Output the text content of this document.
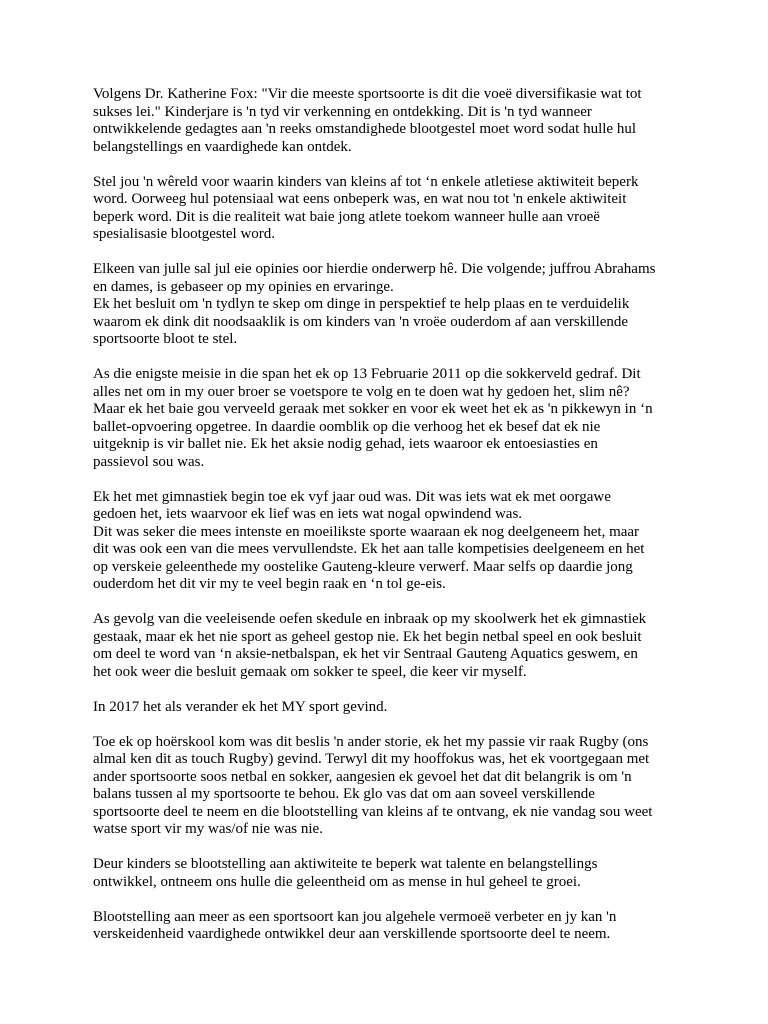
Volgens Dr. Katherine Fox: "Vir die meeste sportsoorte is dit die voeë diversifikasie wat tot
sukses lei." Kinderjare is 'n tyd vir verkenning en ontdekking. Dit is 'n tyd wanneer
ontwikkelende gedagtes aan 'n reeks omstandighede blootgestel moet word sodat hulle hul
belangstellings en vaardighede kan ontdek.

Stel jou 'n wêreld voor waarin kinders van kleins af tot ‘n enkele atletiese aktiwiteit beperk
word. Oorweeg hul potensiaal wat eens onbeperk was, en wat nou tot 'n enkele aktiwiteit
beperk word. Dit is die realiteit wat baie jong atlete toekom wanneer hulle aan vroeë
spesialisasie blootgestel word.

Elkeen van julle sal jul eie opinies oor hierdie onderwerp hê. Die volgende; juffrou Abrahams
en dames, is gebaseer op my opinies en ervaringe.
Ek het besluit om 'n tydlyn te skep om dinge in perspektief te help plaas en te verduidelik
waarom ek dink dit noodsaaklik is om kinders van 'n vroëe ouderdom af aan verskillende
sportsoorte bloot te stel.

As die enigste meisie in die span het ek op 13 Februarie 2011 op die sokkerveld gedraf. Dit
alles net om in my ouer broer se voetspore te volg en te doen wat hy gedoen het, slim nê?
Maar ek het baie gou verveeld geraak met sokker en voor ek weet het ek as 'n pikkewyn in ‘n
ballet-opvoering opgetree. In daardie oomblik op die verhoog het ek besef dat ek nie
uitgeknip is vir ballet nie. Ek het aksie nodig gehad, iets waaroor ek entoesiasties en
passievol sou was.

Ek het met gimnastiek begin toe ek vyf jaar oud was. Dit was iets wat ek met oorgawe
gedoen het, iets waarvoor ek lief was en iets wat nogal opwindend was.
Dit was seker die mees intenste en moeilikste sporte waaraan ek nog deelgeneem het, maar
dit was ook een van die mees vervullendste. Ek het aan talle kompetisies deelgeneem en het
op verskeie geleenthede my oostelike Gauteng-kleure verwerf. Maar selfs op daardie jong
ouderdom het dit vir my te veel begin raak en ‘n tol ge-eis.

As gevolg van die veeleisende oefen skedule en inbraak op my skoolwerk het ek gimnastiek
gestaak, maar ek het nie sport as geheel gestop nie. Ek het begin netbal speel en ook besluit
om deel te word van ‘n aksie-netbalspan, ek het vir Sentraal Gauteng Aquatics geswem, en
het ook weer die besluit gemaak om sokker te speel, die keer vir myself.

In 2017 het als verander ek het MY sport gevind.

Toe ek op hoërskool kom was dit beslis 'n ander storie, ek het my passie vir raak Rugby (ons
almal ken dit as touch Rugby) gevind. Terwyl dit my hooffokus was, het ek voortgegaan met
ander sportsoorte soos netbal en sokker, aangesien ek gevoel het dat dit belangrik is om 'n
balans tussen al my sportsoorte te behou. Ek glo vas dat om aan soveel verskillende
sportsoorte deel te neem en die blootstelling van kleins af te ontvang, ek nie vandag sou weet
watse sport vir my was/of nie was nie.

Deur kinders se blootstelling aan aktiwiteite te beperk wat talente en belangstellings
ontwikkel, ontneem ons hulle die geleentheid om as mense in hul geheel te groei.

Blootstelling aan meer as een sportsoort kan jou algehele vermoeë verbeter en jy kan 'n
verskeidenheid vaardighede ontwikkel deur aan verskillende sportsoorte deel te neem.
